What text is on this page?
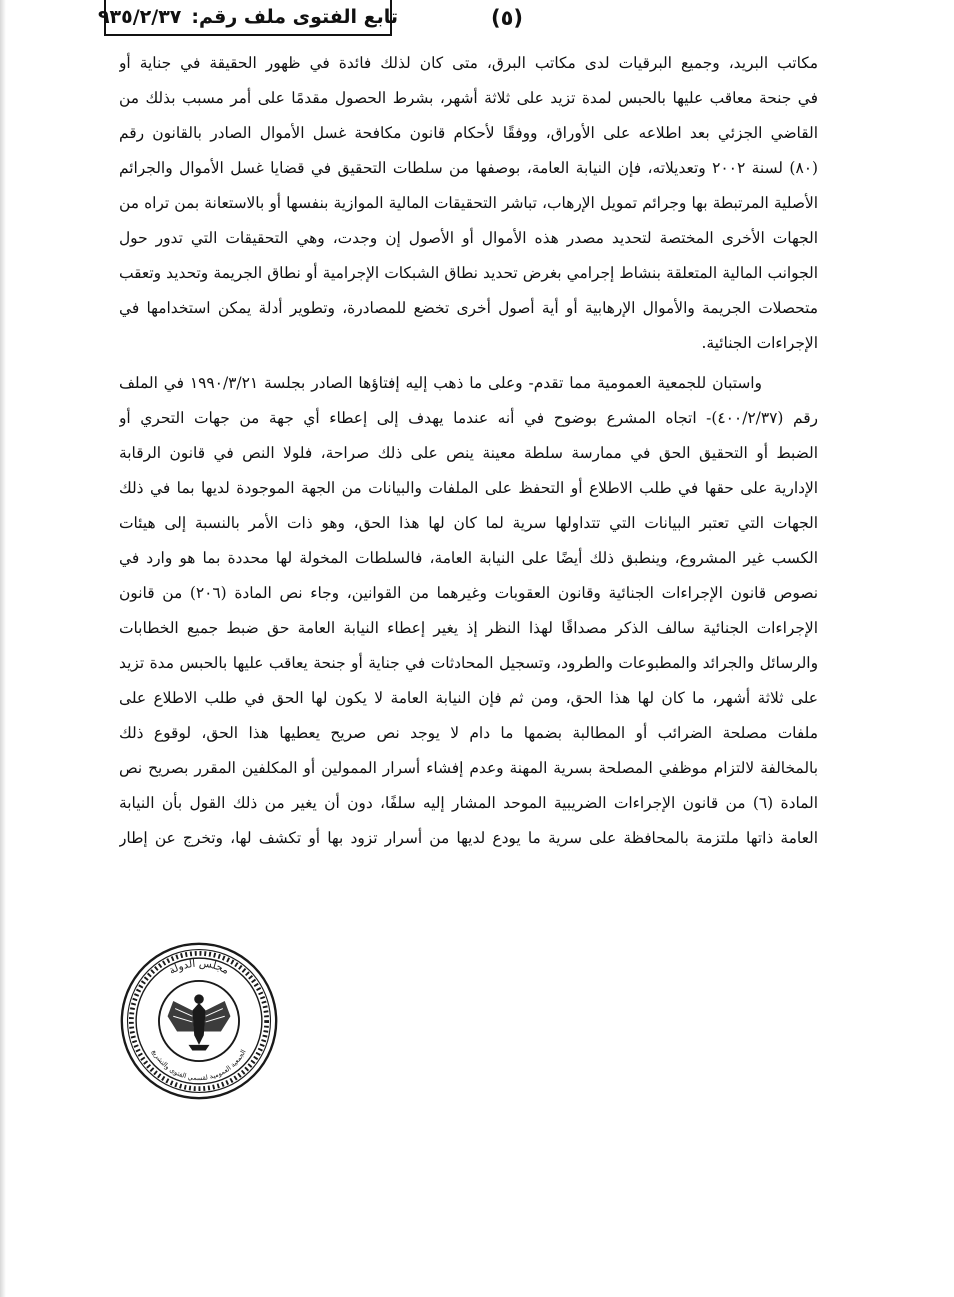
تابع الفتوى ملف رقم:
٩٣٥/٢/٣٧	(٥)
مكاتب البريد، وجميع البرقيات لدى مكاتب البرق، متى كان لذلك فائدة في ظهور الحقيقة في جناية أو
في جنحة معاقب عليها بالحبس لمدة تزيد على ثلاثة أشهر، بشرط الحصول مقدمًا على أمر مسبب بذلك من
القاضي الجزئي بعد اطلاعه على الأوراق، ووفقًا لأحكام قانون مكافحة غسل الأموال الصادر بالقانون رقم
(٨٠) لسنة ٢٠٠٢ وتعديلاته، فإن النيابة العامة، بوصفها من سلطات التحقيق في قضايا غسل الأموال والجرائم
الأصلية المرتبطة بها وجرائم تمويل الإرهاب، تباشر التحقيقات المالية الموازية بنفسها أو بالاستعانة بمن تراه من
الجهات الأخرى المختصة لتحديد مصدر هذه الأموال أو الأصول إن وجدت، وهي التحقيقات التي تدور حول
الجوانب المالية المتعلقة بنشاط إجرامي بغرض تحديد نطاق الشبكات الإجرامية أو نطاق الجريمة وتحديد وتعقب
متحصلات الجريمة والأموال الإرهابية أو أية أصول أخرى تخضع للمصادرة، وتطوير أدلة يمكن استخدامها في
الإجراءات الجنائية.
واستبان للجمعية العمومية مما تقدم- وعلى ما ذهب إليه إفتاؤها الصادر بجلسة ١٩٩٠/٣/٢١ في الملف
رقم (٤٠٠/٢/٣٧)- اتجاه المشرع بوضوح في أنه عندما يهدف إلى إعطاء أي جهة من جهات التحري أو
الضبط أو التحقيق الحق في ممارسة سلطة معينة ينص على ذلك صراحة، فلولا النص في قانون الرقابة
الإدارية على حقها في طلب الاطلاع أو التحفظ على الملفات والبيانات من الجهة الموجودة لديها بما في ذلك
الجهات التي تعتبر البيانات التي تتداولها سرية لما كان لها هذا الحق، وهو ذات الأمر بالنسبة إلى هيئات
الكسب غير المشروع، وينطبق ذلك أيضًا على النيابة العامة، فالسلطات المخولة لها محددة بما هو وارد في
نصوص قانون الإجراءات الجنائية وقانون العقوبات وغيرهما من القوانين، وجاء نص المادة (٢٠٦) من قانون
الإجراءات الجنائية سالف الذكر مصداقًا لهذا النظر إذ يغير إعطاء النيابة العامة حق ضبط جميع الخطابات
والرسائل والجرائد والمطبوعات والطرود، وتسجيل المحادثات في جناية أو جنحة يعاقب عليها بالحبس مدة تزيد
على ثلاثة أشهر، ما كان لها هذا الحق، ومن ثم فإن النيابة العامة لا يكون لها الحق في طلب الاطلاع على
ملفات مصلحة الضرائب أو المطالبة بضمها ما دام لا يوجد نص صريح يعطيها هذا الحق، لوقوع ذلك
بالمخالفة لالتزام موظفي المصلحة بسرية المهنة وعدم إفشاء أسرار الممولين أو المكلفين المقرر بصريح نص
المادة (٦) من قانون الإجراءات الضريبية الموحد المشار إليه سلفًا، دون أن يغير من ذلك القول بأن النيابة
العامة ذاتها ملتزمة بالمحافظة على سرية ما يودع لديها من أسرار تزود بها أو تكشف لها، وتخرج عن إطار
مجلس الدولة
الجمعية العمومية لقسمي الفتوى والتشريع
